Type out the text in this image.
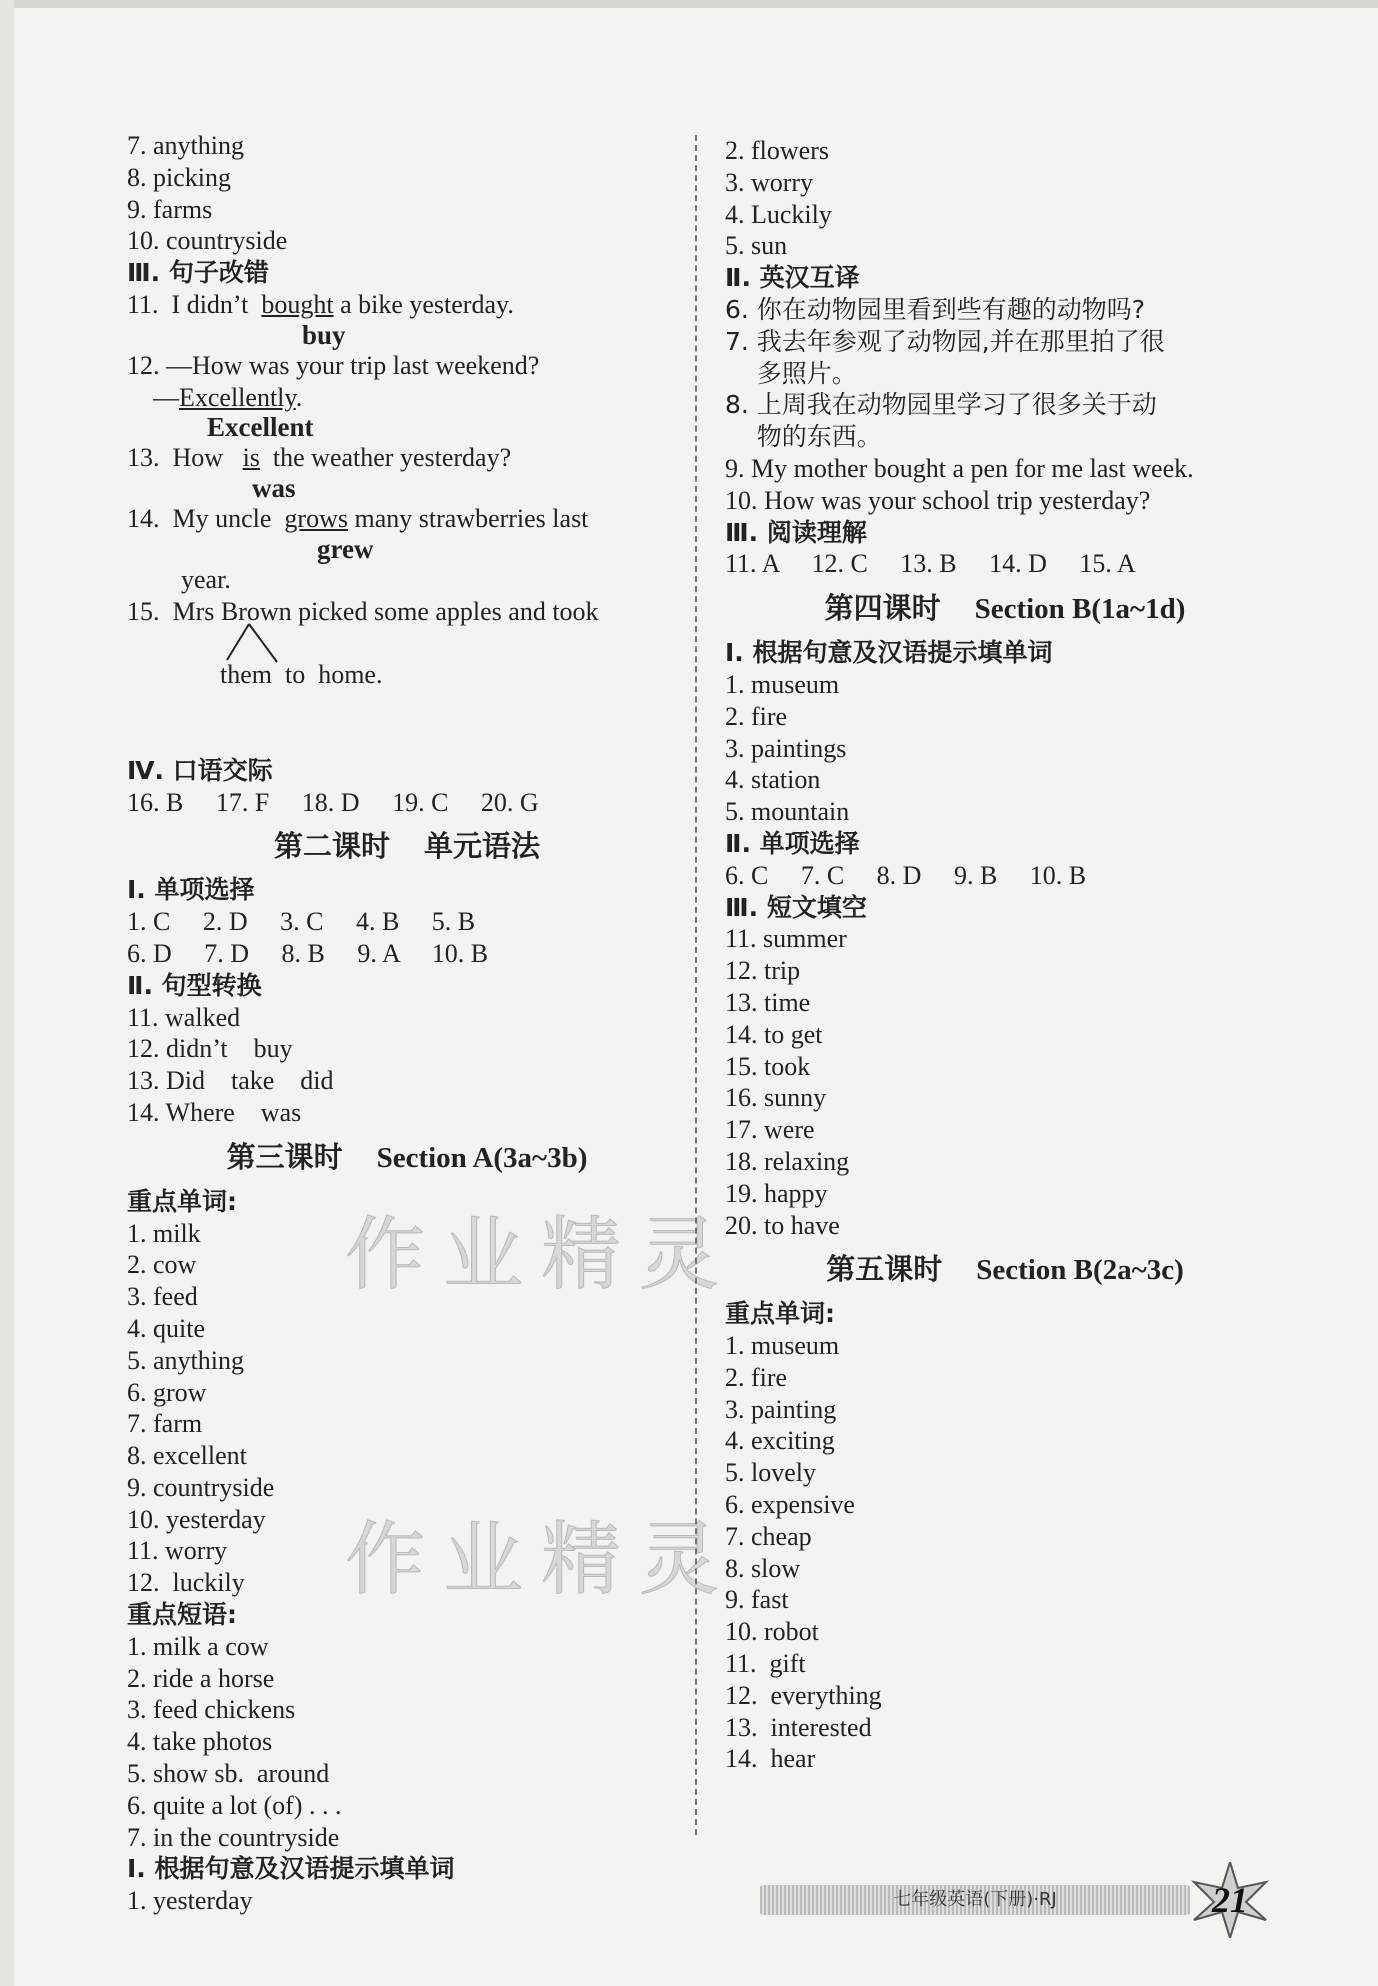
7. anything
8. picking
9. farms
10. countryside
Ⅲ. 句子改错
11.  I didn’t  bought a bike yesterday.
buy
12. —How was your trip last weekend?
—Excellently.
Excellent
13.  How   is  the weather yesterday?
was
14.  My uncle  grows many strawberries last
grew
year.
15.  Mrs Brown picked some apples and took

them  to  home.

Ⅳ. 口语交际
16. B     17. F     18. D     19. C     20. G
第二课时 单元语法
Ⅰ. 单项选择
1. C     2. D     3. C     4. B     5. B
6. D     7. D     8. B     9. A     10. B
Ⅱ. 句型转换
11. walked
12. didn’t    buy
13. Did    take    did
14. Where    was
第三课时 Section A(3a~3b)
重点单词:
1. milk
2. cow
3. feed
4. quite
5. anything
6. grow
7. farm
8. excellent
9. countryside
10. yesterday
11. worry
12.  luckily
重点短语:
1. milk a cow
2. ride a horse
3. feed chickens
4. take photos
5. show sb.  around
6. quite a lot (of) . . .
7. in the countryside
Ⅰ. 根据句意及汉语提示填单词
1. yesterday
2. flowers
3. worry
4. Luckily
5. sun
Ⅱ. 英汉互译
6. 你在动物园里看到些有趣的动物吗?
7. 我去年参观了动物园,并在那里拍了很
多照片。
8. 上周我在动物园里学习了很多关于动
物的东西。
9. My mother bought a pen for me last week.
10. How was your school trip yesterday?
Ⅲ. 阅读理解
11. A     12. C     13. B     14. D     15. A
第四课时 Section B(1a~1d)
Ⅰ. 根据句意及汉语提示填单词
1. museum
2. fire
3. paintings
4. station
5. mountain
Ⅱ. 单项选择
6. C     7. C     8. D     9. B     10. B
Ⅲ. 短文填空
11. summer
12. trip
13. time
14. to get
15. took
16. sunny
17. were
18. relaxing
19. happy
20. to have
第五课时 Section B(2a~3c)
重点单词:
1. museum
2. fire
3. painting
4. exciting
5. lovely
6. expensive
7. cheap
8. slow
9. fast
10. robot
11.  gift
12.  everything
13.  interested
14.  hear
作业精灵
作业精灵
七年级英语(下册)·RJ	21
